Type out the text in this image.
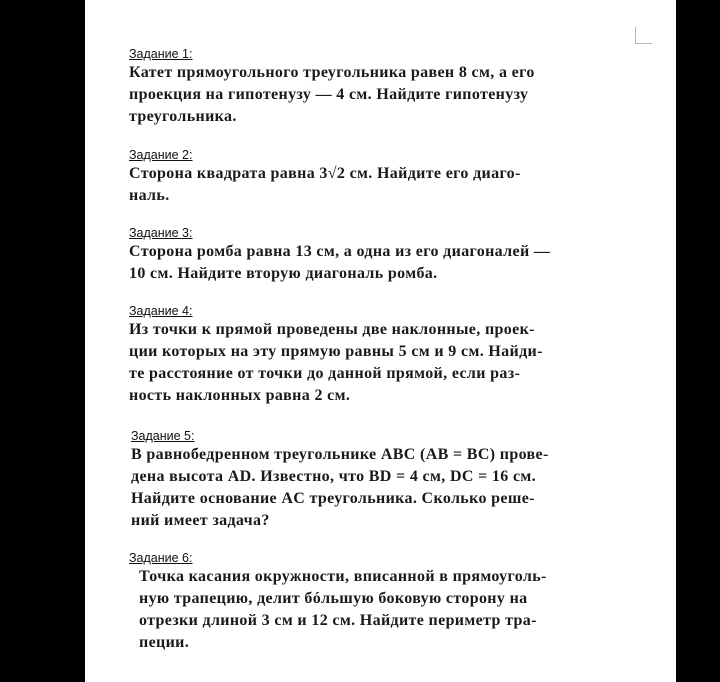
Задание 1:

Катет прямоугольного треугольника равен 8 см, а его
проекция на гипотенузу — 4 см. Найдите гипотенузу
треугольника.

Задание 2:

Сторона квадрата равна 3√2 см. Найдите его диаго-
наль.

Задание 3:

Сторона ромба равна 13 см, а одна из его диагоналей —
10 см. Найдите вторую диагональ ромба.

Задание 4:

Из точки к прямой проведены две наклонные, проек-
ции которых на эту прямую равны 5 см и 9 см. Найди-
те расстояние от точки до данной прямой, если раз-
ность наклонных равна 2 см.

Задание 5:

В равнобедренном треугольнике ABC (AB = BC) прове-
дена высота AD. Известно, что BD = 4 см, DC = 16 см.
Найдите основание AC треугольника. Сколько реше-
ний имеет задача?

Задание 6:

Точка касания окружности, вписанной в прямоуголь-
ную трапецию, делит бóльшую боковую сторону на
отрезки длиной 3 см и 12 см. Найдите периметр тра-
пеции.
